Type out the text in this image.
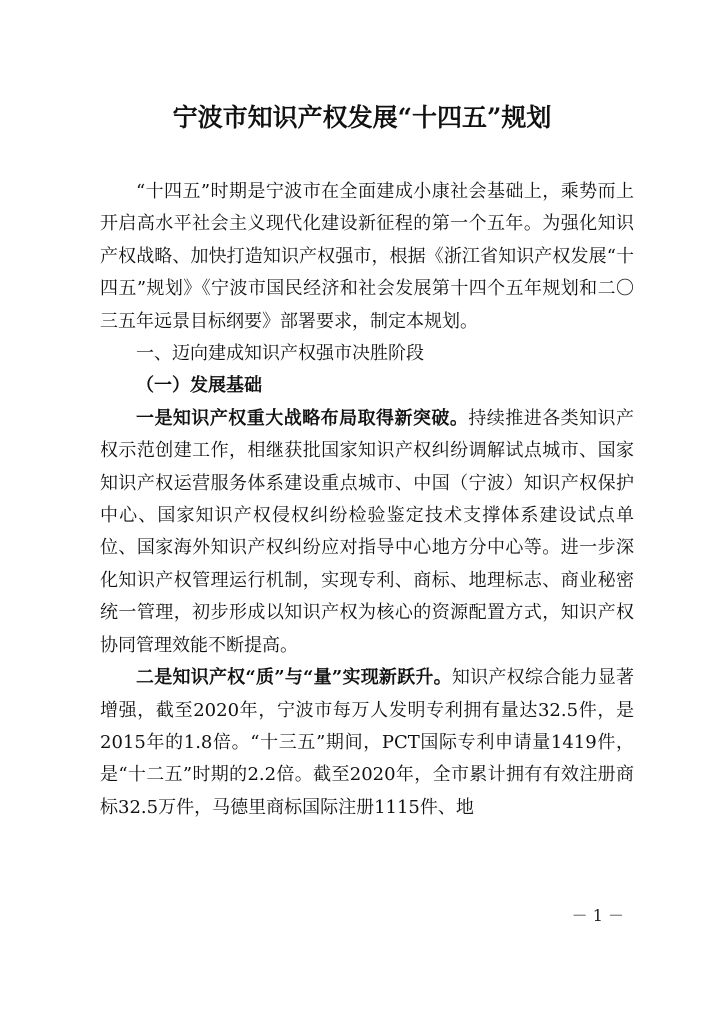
宁波市知识产权发展“十四五”规划

“十四五”时期是宁波市在全面建成小康社会基础上，乘势而上开启高水平社会主义现代化建设新征程的第一个五年。为强化知识产权战略、加快打造知识产权强市，根据《浙江省知识产权发展“十四五”规划》《宁波市国民经济和社会发展第十四个五年规划和二〇三五年远景目标纲要》部署要求，制定本规划。

一、迈向建成知识产权强市决胜阶段

（一）发展基础

一是知识产权重大战略布局取得新突破。持续推进各类知识产权示范创建工作，相继获批国家知识产权纠纷调解试点城市、国家知识产权运营服务体系建设重点城市、中国（宁波）知识产权保护中心、国家知识产权侵权纠纷检验鉴定技术支撑体系建设试点单位、国家海外知识产权纠纷应对指导中心地方分中心等。进一步深化知识产权管理运行机制，实现专利、商标、地理标志、商业秘密统一管理，初步形成以知识产权为核心的资源配置方式，知识产权协同管理效能不断提高。

二是知识产权“质”与“量”实现新跃升。知识产权综合能力显著增强，截至2020年，宁波市每万人发明专利拥有量达32.5件，是2015年的1.8倍。“十三五”期间，PCT国际专利申请量1419件，是“十二五”时期的2.2倍。截至2020年，全市累计拥有有效注册商标32.5万件，马德里商标国际注册1115件、地

－ 1 －
